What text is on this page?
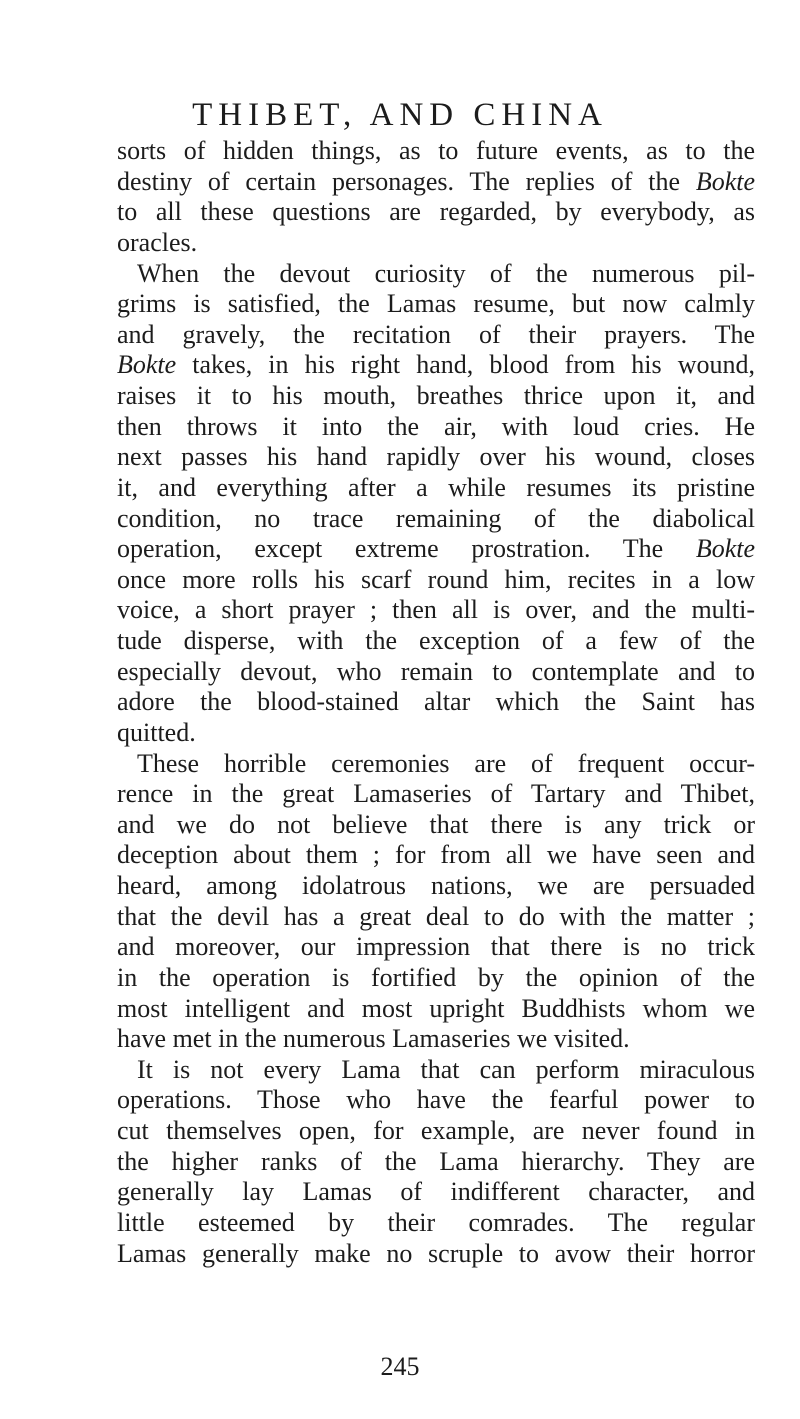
THIBET, AND CHINA
sorts of hidden things, as to future events, as to the
destiny of certain personages. The replies of the Bokte
to all these questions are regarded, by everybody, as
oracles.
When the devout curiosity of the numerous pil-
grims is satisfied, the Lamas resume, but now calmly
and gravely, the recitation of their prayers. The
Bokte takes, in his right hand, blood from his wound,
raises it to his mouth, breathes thrice upon it, and
then throws it into the air, with loud cries. He
next passes his hand rapidly over his wound, closes
it, and everything after a while resumes its pristine
condition, no trace remaining of the diabolical
operation, except extreme prostration. The Bokte
once more rolls his scarf round him, recites in a low
voice, a short prayer ; then all is over, and the multi-
tude disperse, with the exception of a few of the
especially devout, who remain to contemplate and to
adore the blood-stained altar which the Saint has
quitted.
These horrible ceremonies are of frequent occur-
rence in the great Lamaseries of Tartary and Thibet,
and we do not believe that there is any trick or
deception about them ; for from all we have seen and
heard, among idolatrous nations, we are persuaded
that the devil has a great deal to do with the matter ;
and moreover, our impression that there is no trick
in the operation is fortified by the opinion of the
most intelligent and most upright Buddhists whom we
have met in the numerous Lamaseries we visited.
It is not every Lama that can perform miraculous
operations. Those who have the fearful power to
cut themselves open, for example, are never found in
the higher ranks of the Lama hierarchy. They are
generally lay Lamas of indifferent character, and
little esteemed by their comrades. The regular
Lamas generally make no scruple to avow their horror
245
